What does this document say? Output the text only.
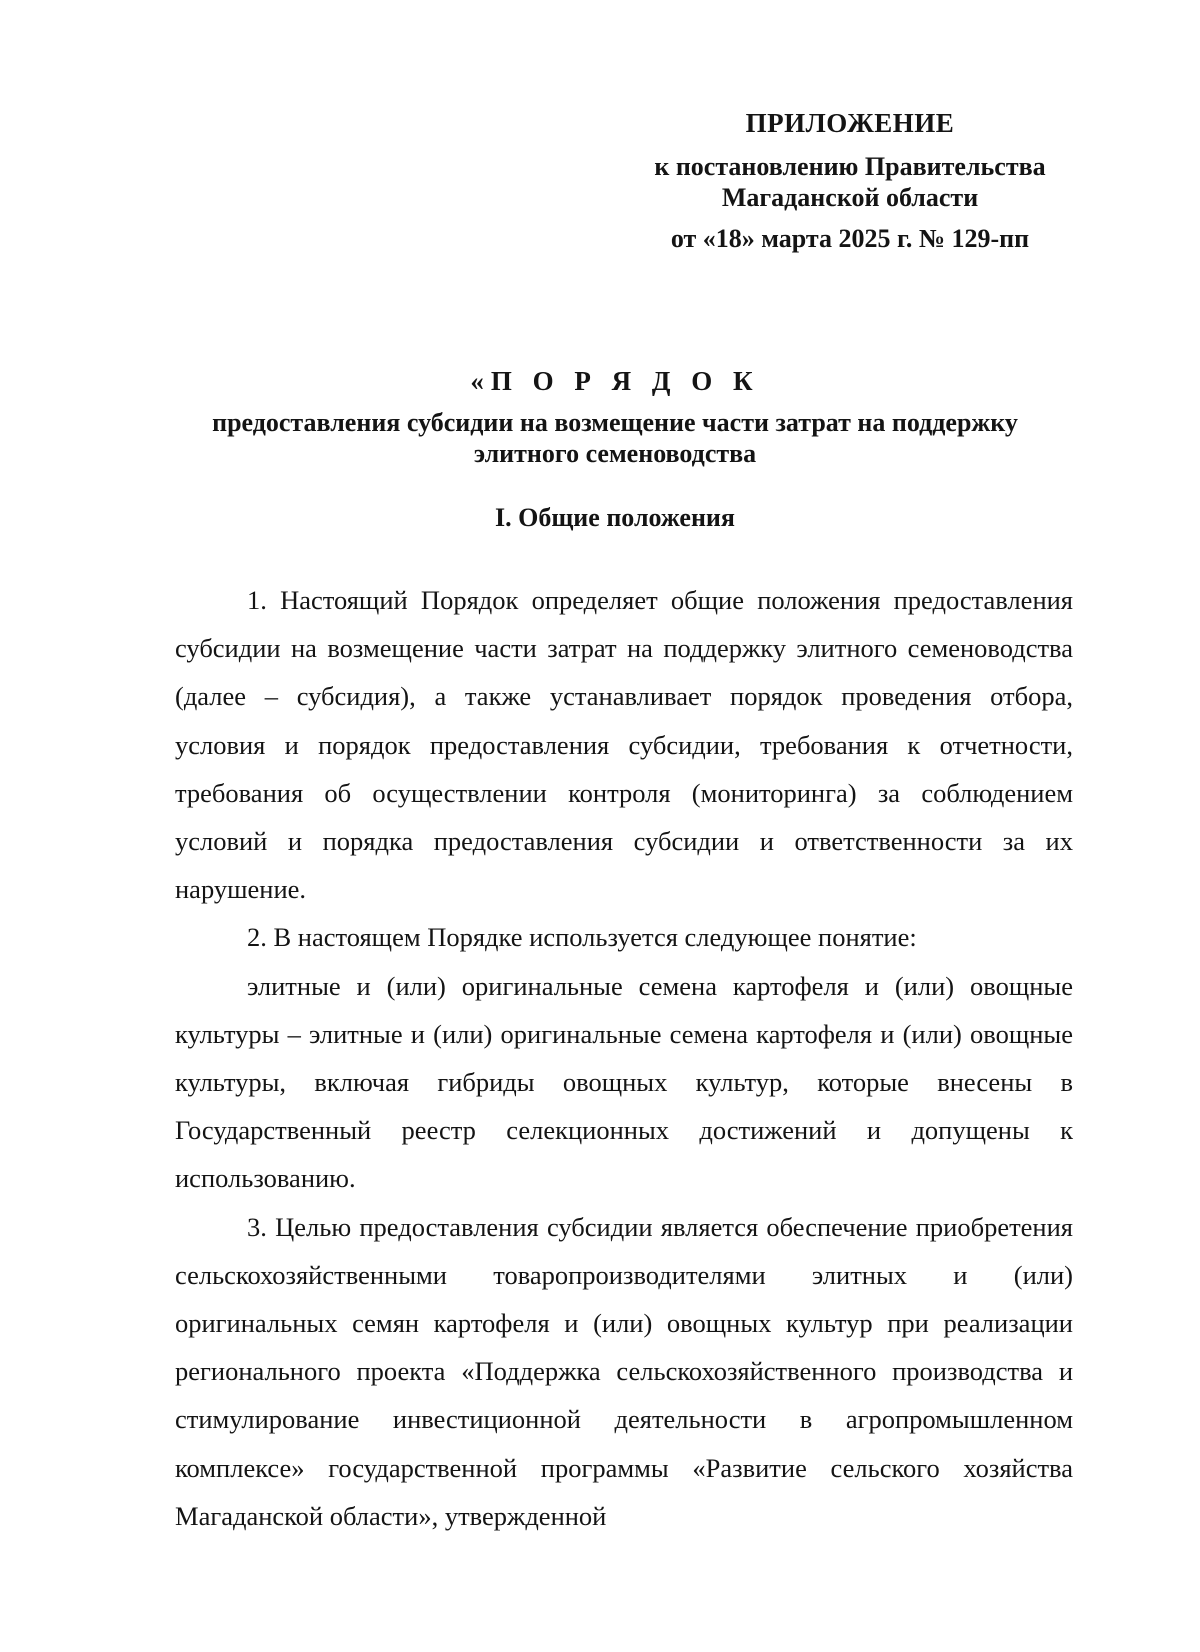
ПРИЛОЖЕНИЕ
к постановлению Правительства
Магаданской области
от «18» марта 2025 г. № 129-пп
«П О Р Я Д О К
предоставления субсидии на возмещение части затрат на поддержку
элитного семеноводства
I. Общие положения

1. Настоящий Порядок определяет общие положения предоставления субсидии на возмещение части затрат на поддержку элитного семеноводства (далее – субсидия), а также устанавливает порядок проведения отбора, условия и порядок предоставления субсидии, требования к отчетности, требования об осуществлении контроля (мониторинга) за соблюдением условий и порядка предоставления субсидии и ответственности за их нарушение.

2. В настоящем Порядке используется следующее понятие:

элитные и (или) оригинальные семена картофеля и (или) овощные культуры – элитные и (или) оригинальные семена картофеля и (или) овощные культуры, включая гибриды овощных культур, которые внесены в Государственный реестр селекционных достижений и допущены к использованию.

3. Целью предоставления субсидии является обеспечение приобретения сельскохозяйственными товаропроизводителями элитных и (или) оригинальных семян картофеля и (или) овощных культур при реализации регионального проекта «Поддержка сельскохозяйственного производства и стимулирование инвестиционной деятельности в агропромышленном комплексе» государственной программы «Развитие сельского хозяйства Магаданской области», утвержденной
